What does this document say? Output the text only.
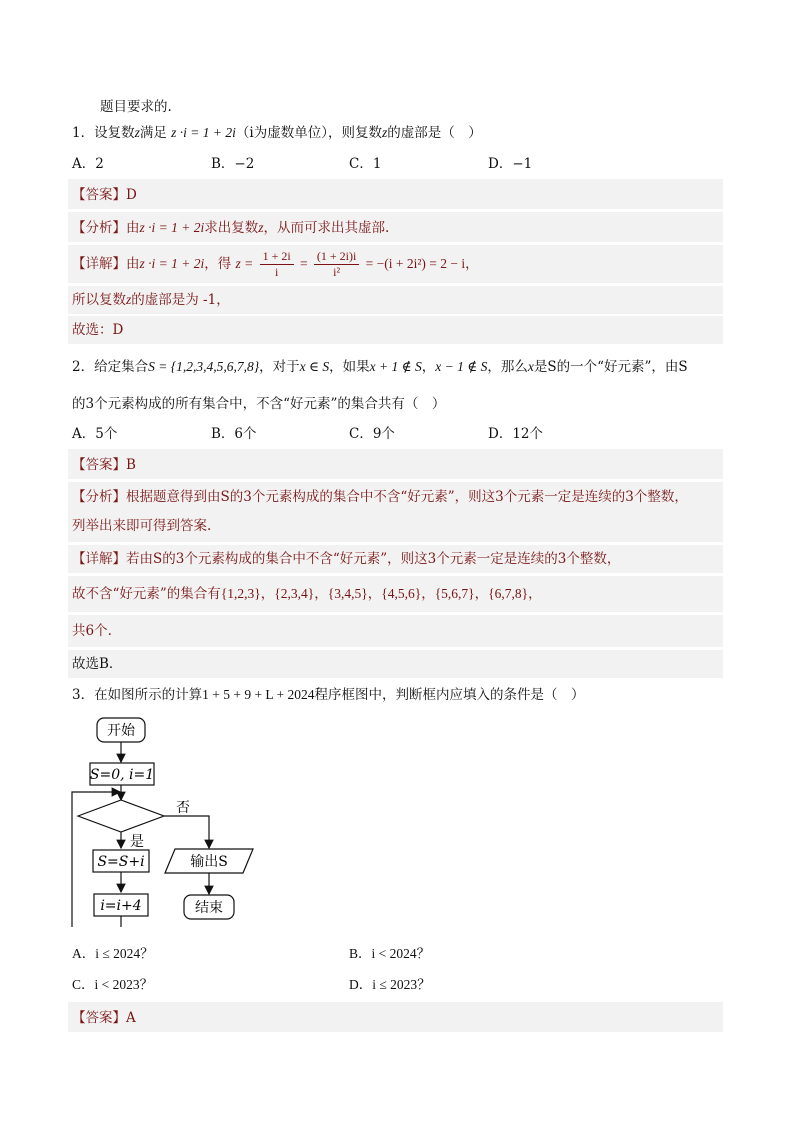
题目要求的.
1．设复数z满足 z ·i = 1 + 2i（i为虚数单位），则复数z的虚部是（　）
A．2	B．−2	C．1	D．−1
【答案】D
【分析】由z ·i = 1 + 2i求出复数z，从而可求出其虚部.
【详解】由z ·i = 1 + 2i，得 $z = \frac{1 + 2i}{i} = \frac{(1 + 2i)i}{\text{i²}} = -(i + 2i^2) = 2 - i$，
所以复数z的虚部是为 -1，
故选：D
2．给定集合S = {1,2,3,4,5,6,7,8}，对于x ∈ S，如果x + 1 ∉ S，x − 1 ∉ S，那么x是S的一个“好元素”，由S
的3个元素构成的所有集合中，不含“好元素”的集合共有（　）
A．5个	B．6个	C．9个	D．12个
【答案】B
【分析】根据题意得到由S的3个元素构成的集合中不含“好元素”，则这3个元素一定是连续的3个整数，
列举出来即可得到答案.
【详解】若由S的3个元素构成的集合中不含“好元素”，则这3个元素一定是连续的3个整数，
故不含“好元素”的集合有{1,2,3}，{2,3,4}，{3,4,5}，{4,5,6}，{5,6,7}，{6,7,8}，
共6个.
故选B．
3．在如图所示的计算1 + 5 + 9 + L + 2024程序框图中，判断框内应填入的条件是（　）
开始
S=0, i=1
否
是
S=S+i	输出S
结束
i=i+4
A．i ≤ 2024？	B．i < 2024？
C．i < 2023？	D．i ≤ 2023？
【答案】A
